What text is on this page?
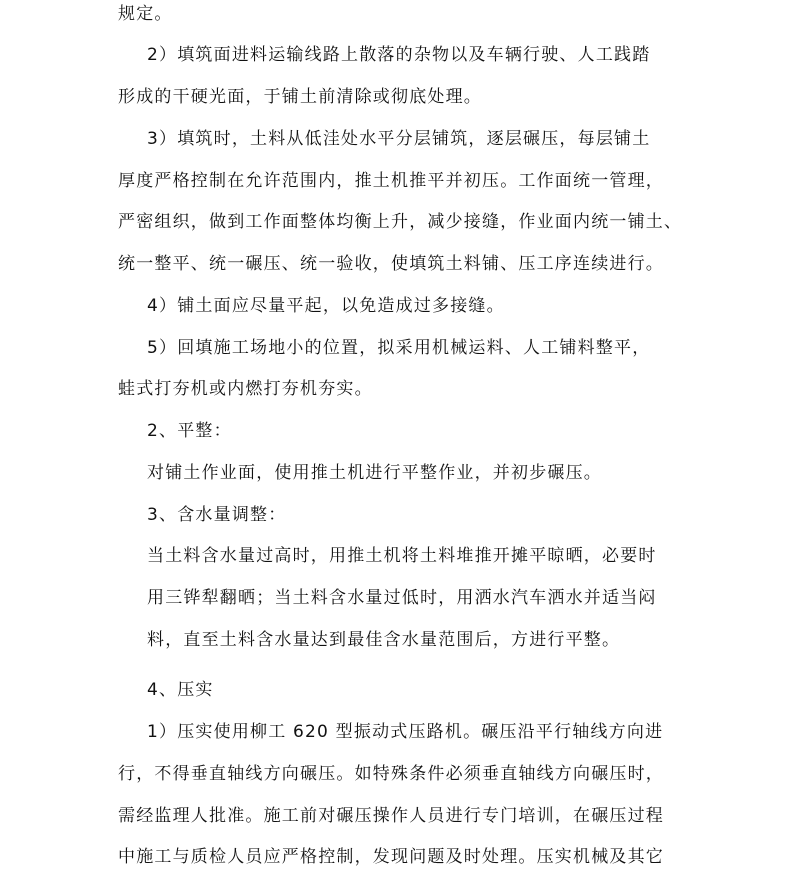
规定。
2）填筑面进料运输线路上散落的杂物以及车辆行驶、人工践踏
形成的干硬光面，于铺土前清除或彻底处理。
3）填筑时，土料从低洼处水平分层铺筑，逐层碾压，每层铺土
厚度严格控制在允许范围内，推土机推平并初压。工作面统一管理，
严密组织，做到工作面整体均衡上升，减少接缝，作业面内统一铺土、
统一整平、统一碾压、统一验收，使填筑土料铺、压工序连续进行。
4）铺土面应尽量平起，以免造成过多接缝。
5）回填施工场地小的位置，拟采用机械运料、人工铺料整平，
蛙式打夯机或内燃打夯机夯实。
2、平整：
对铺土作业面，使用推土机进行平整作业，并初步碾压。
3、含水量调整：
当土料含水量过高时，用推土机将土料堆推开摊平晾晒，必要时
用三铧犁翻晒；当土料含水量过低时，用洒水汽车洒水并适当闷
料，直至土料含水量达到最佳含水量范围后，方进行平整。
4、压实
1）压实使用柳工 620 型振动式压路机。碾压沿平行轴线方向进
行，不得垂直轴线方向碾压。如特殊条件必须垂直轴线方向碾压时，
需经监理人批准。施工前对碾压操作人员进行专门培训，在碾压过程
中施工与质检人员应严格控制，发现问题及时处理。压实机械及其它
